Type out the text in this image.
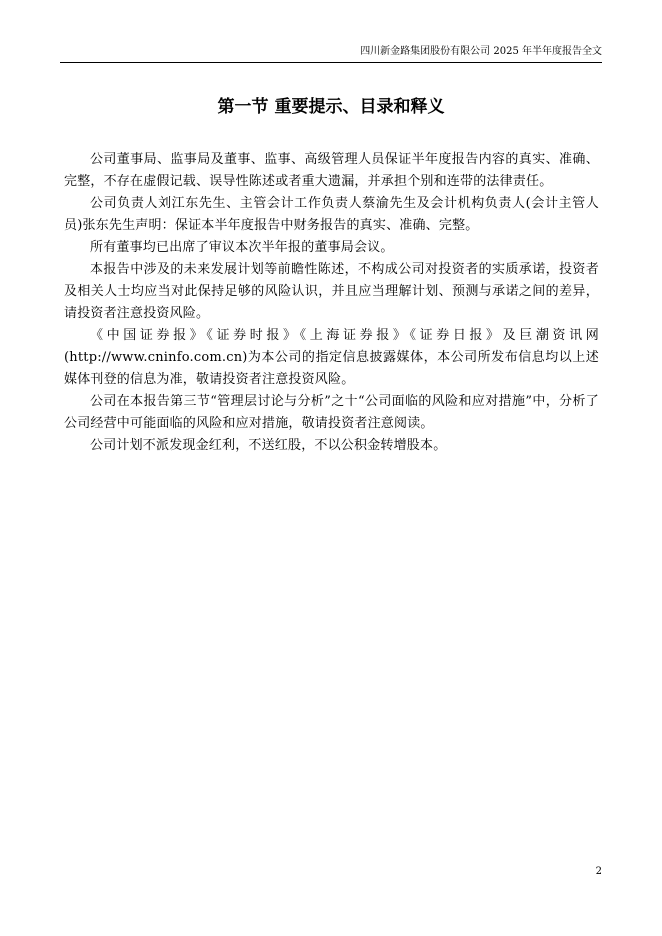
四川新金路集团股份有限公司 2025 年半年度报告全文
第一节 重要提示、目录和释义

公司董事局、监事局及董事、监事、高级管理人员保证半年度报告内容的真实、准确、完整，不存在虚假记载、误导性陈述或者重大遗漏，并承担个别和连带的法律责任。

公司负责人刘江东先生、主管会计工作负责人蔡渝先生及会计机构负责人(会计主管人员)张东先生声明：保证本半年度报告中财务报告的真实、准确、完整。

所有董事均已出席了审议本次半年报的董事局会议。

本报告中涉及的未来发展计划等前瞻性陈述，不构成公司对投资者的实质承诺，投资者及相关人士均应当对此保持足够的风险认识，并且应当理解计划、预测与承诺之间的差异，请投资者注意投资风险。

《中国证券报》《证券时报》《上海证券报》《证券日报》及巨潮资讯网(http://www.cninfo.com.cn)为本公司的指定信息披露媒体，本公司所发布信息均以上述媒体刊登的信息为准，敬请投资者注意投资风险。

公司在本报告第三节“管理层讨论与分析”之十“公司面临的风险和应对措施”中，分析了公司经营中可能面临的风险和应对措施，敬请投资者注意阅读。

公司计划不派发现金红利，不送红股，不以公积金转增股本。

2
